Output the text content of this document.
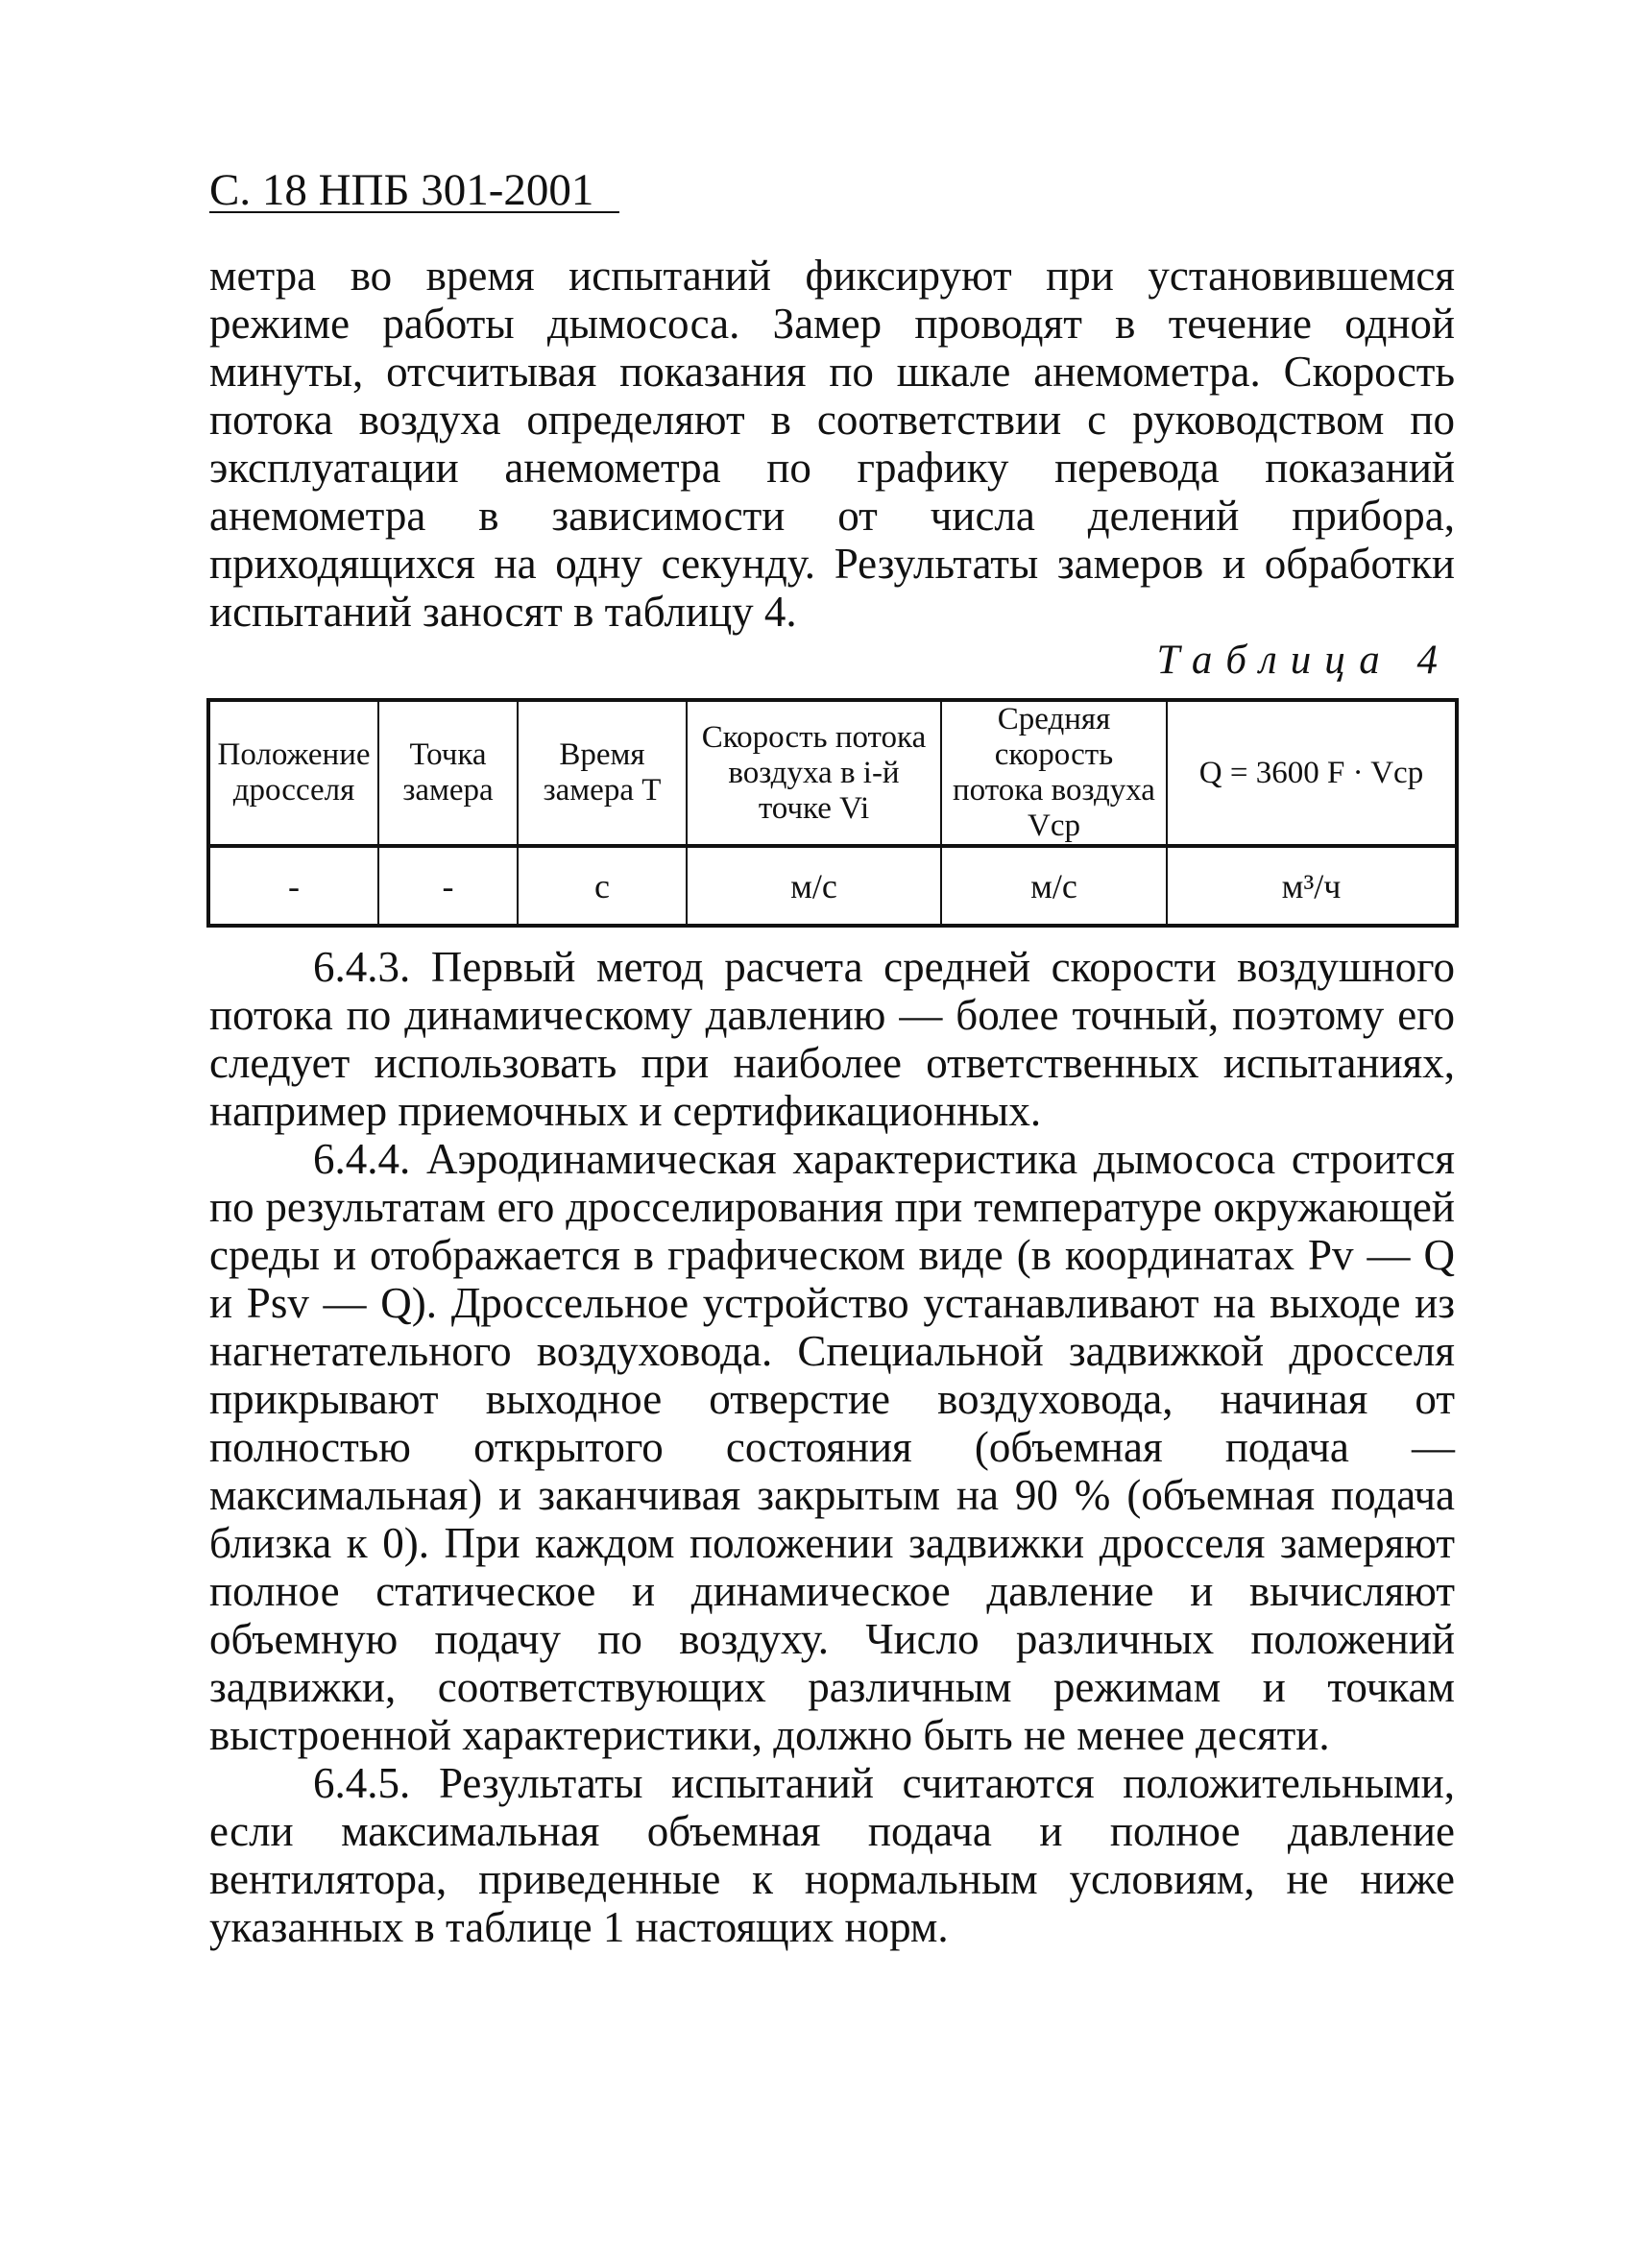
С. 18 НПБ 301-2001

метра во время испытаний фиксируют при установившемся режиме работы дымососа. Замер проводят в течение одной минуты, отсчитывая показания по шкале анемометра. Скорость потока воздуха определяют в соответствии с руководством по эксплуатации анемометра по графику перевода показаний анемометра в зависимости от числа делений прибора, приходящихся на одну секунду. Результаты замеров и обработки испытаний заносят в таблицу 4.

Таблица 4
Положение дросселя	Точка замера	Время замера T	Скорость потока воздуха в i-й точке Vi	Средняя скорость потока воздуха Vср	Q = 3600 F · Vср
-	-	с	м/с	м/с	м³/ч

6.4.3. Первый метод расчета средней скорости воздушного потока по динамическому давлению — более точный, поэтому его следует использовать при наиболее ответственных испытаниях, например приемочных и сертификационных.

6.4.4. Аэродинамическая характеристика дымососа строится по результатам его дросселирования при температуре окружающей среды и отображается в графическом виде (в координатах Pv — Q и Psv — Q). Дроссельное устройство устанавливают на выходе из нагнетательного воздуховода. Специальной задвижкой дросселя прикрывают выходное отверстие воздуховода, начиная от полностью открытого состояния (объемная подача — максимальная) и заканчивая закрытым на 90 % (объемная подача близка к 0). При каждом положении задвижки дросселя замеряют полное статическое и динамическое давление и вычисляют объемную подачу по воздуху. Число различных положений задвижки, соответствующих различным режимам и точкам выстроенной характеристики, должно быть не менее десяти.

6.4.5. Результаты испытаний считаются положительными, если максимальная объемная подача и полное давление вентилятора, приведенные к нормальным условиям, не ниже указанных в таблице 1 настоящих норм.
